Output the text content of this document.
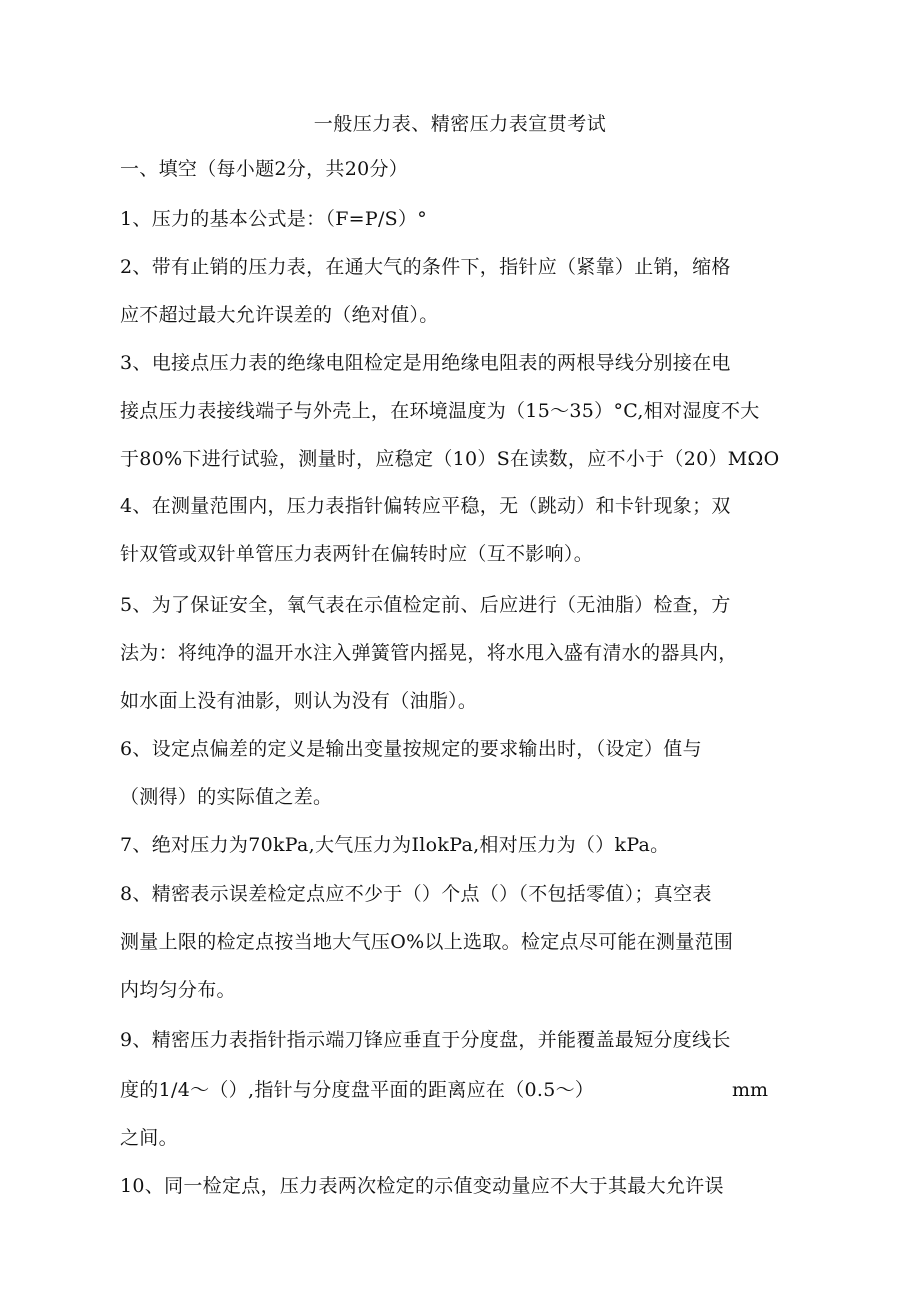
一般压力表、精密压力表宣贯考试
一、填空（每小题2分，共20分）
1、压力的基本公式是：（F=P/S）°
2、带有止销的压力表，在通大气的条件下，指针应（紧靠）止销，缩格
应不超过最大允许误差的（绝对值）。
3、电接点压力表的绝缘电阻检定是用绝缘电阻表的两根导线分别接在电
接点压力表接线端子与外壳上，在环境温度为（15～35）°C,相对湿度不大
于80%下进行试验，测量时，应稳定（10）S在读数，应不小于（20）MΩO
4、在测量范围内，压力表指针偏转应平稳，无（跳动）和卡针现象；双
针双管或双针单管压力表两针在偏转时应（互不影响）。
5、为了保证安全，氧气表在示值检定前、后应进行（无油脂）检查，方
法为：将纯净的温开水注入弹簧管内摇晃，将水甩入盛有清水的器具内，
如水面上没有油影，则认为没有（油脂）。
6、设定点偏差的定义是输出变量按规定的要求输出时，（设定）值与
（测得）的实际值之差。
7、绝对压力为70kPa,大气压力为IlokPa,相对压力为（）kPa。
8、精密表示误差检定点应不少于（）个点（）（不包括零值）；真空表
测量上限的检定点按当地大气压O%以上选取。检定点尽可能在测量范围
内均匀分布。
9、精密压力表指针指示端刀锋应垂直于分度盘，并能覆盖最短分度线长
度的1/4～（）,指针与分度盘平面的距离应在（0.5～）	mm
之间。
10、同一检定点，压力表两次检定的示值变动量应不大于其最大允许误
